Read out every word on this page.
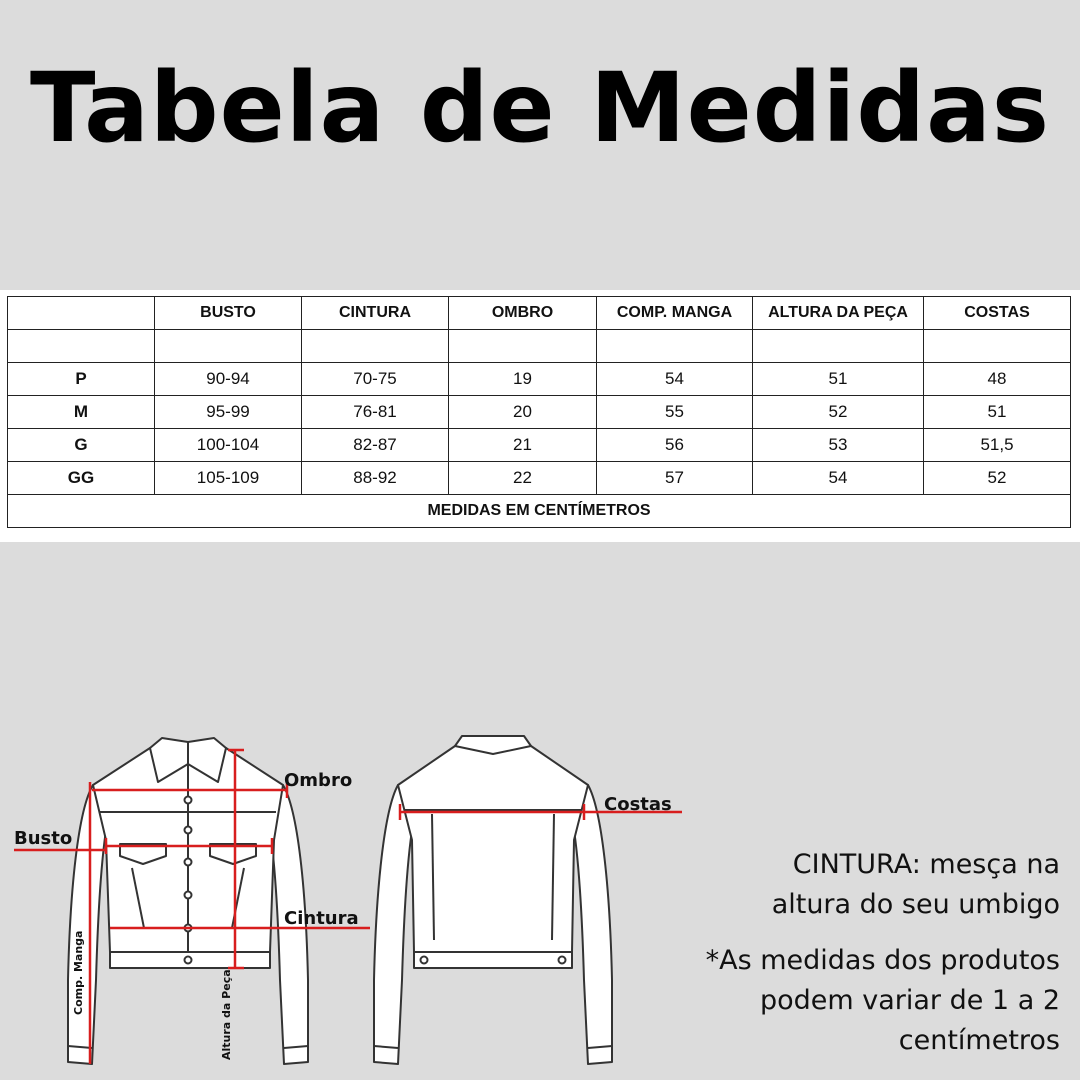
Tabela de Medidas
	BUSTO	CINTURA	OMBRO	COMP. MANGA	ALTURA DA PEÇA	COSTAS

P	90-94	70-75	19	54	51	48
M	95-99	76-81	20	55	52	51
G	100-104	82-87	21	56	53	51,5
GG	105-109	88-92	22	57	54	52
MEDIDAS EM CENTÍMETROS						
Busto
Ombro
Cintura
Costas
Comp. Manga	Altura da Peça
CINTURA: mesça na
altura do seu umbigo
*As medidas dos produtos
podem variar de 1 a 2
centímetros
